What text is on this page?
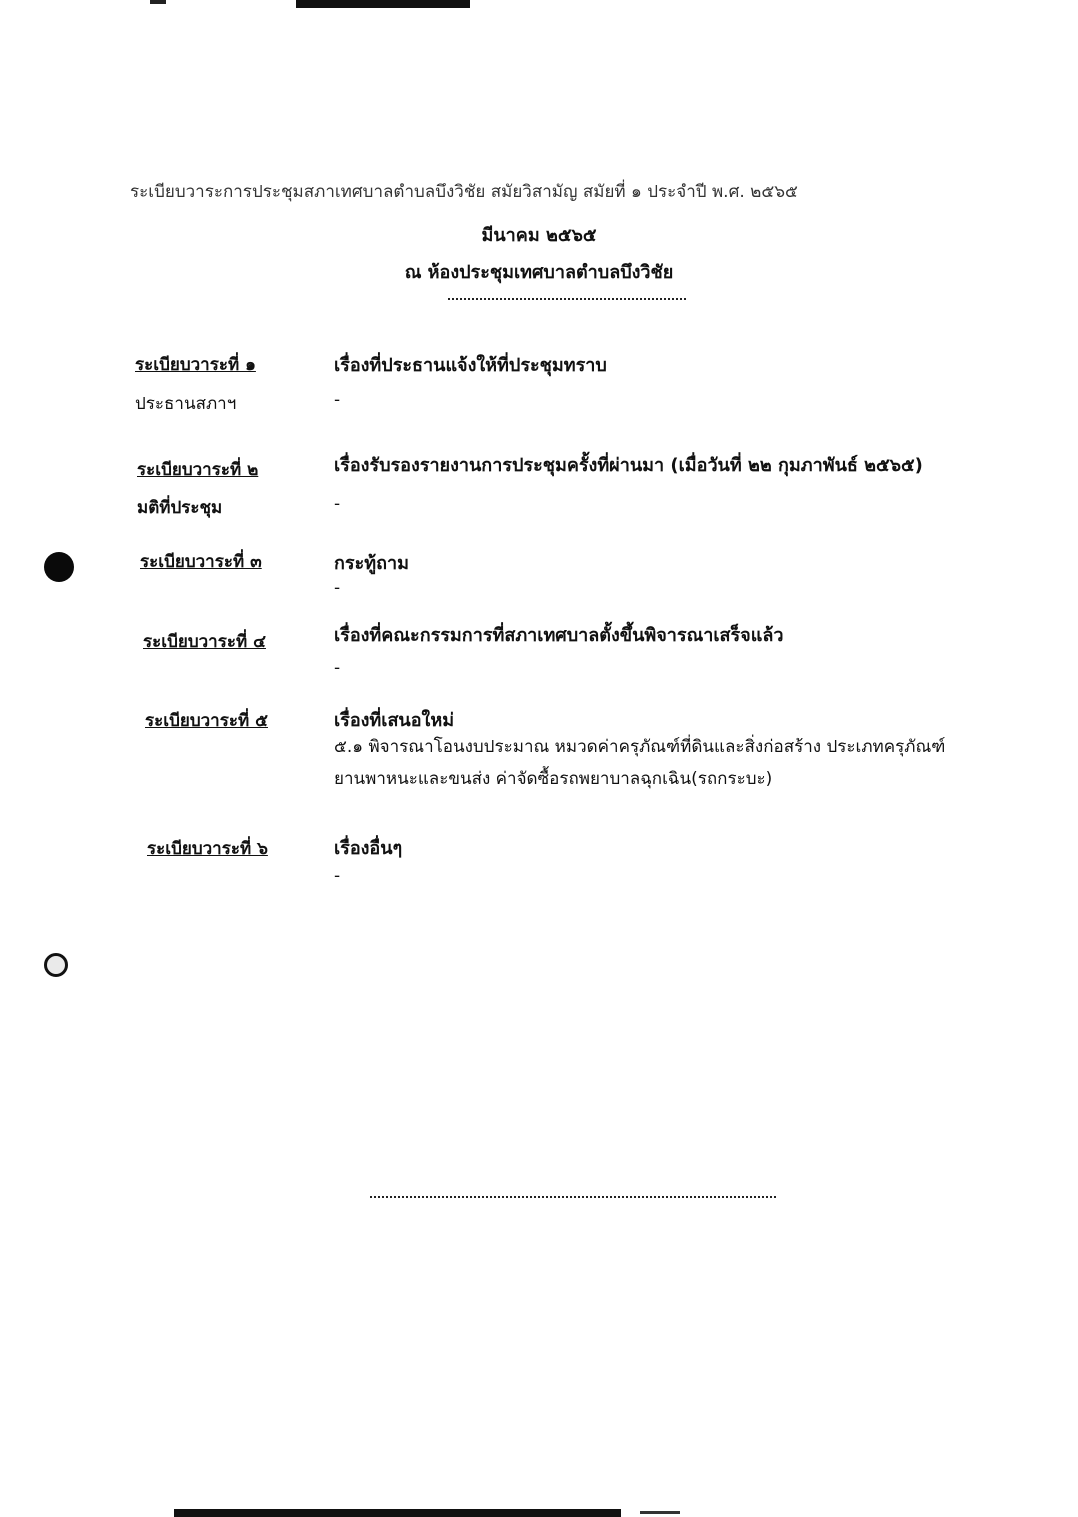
ระเบียบวาระการประชุมสภาเทศบาลตำบลบึงวิชัย สมัยวิสามัญ สมัยที่ ๑ ประจำปี พ.ศ. ๒๕๖๕
มีนาคม ๒๕๖๕
ณ ห้องประชุมเทศบาลตำบลบึงวิชัย
ระเบียบวาระที่ ๑	เรื่องที่ประธานแจ้งให้ที่ประชุมทราบ
ประธานสภาฯ	-
ระเบียบวาระที่ ๒	เรื่องรับรองรายงานการประชุมครั้งที่ผ่านมา (เมื่อวันที่ ๒๒ กุมภาพันธ์ ๒๕๖๕)
มติที่ประชุม	-
ระเบียบวาระที่ ๓	กระทู้ถาม
-
ระเบียบวาระที่ ๔	เรื่องที่คณะกรรมการที่สภาเทศบาลตั้งขึ้นพิจารณาเสร็จแล้ว
-
ระเบียบวาระที่ ๕	เรื่องที่เสนอใหม่
๕.๑ พิจารณาโอนงบประมาณ หมวดค่าครุภัณฑ์ที่ดินและสิ่งก่อสร้าง ประเภทครุภัณฑ์
ยานพาหนะและขนส่ง ค่าจัดซื้อรถพยาบาลฉุกเฉิน(รถกระบะ)
ระเบียบวาระที่ ๖	เรื่องอื่นๆ
-
